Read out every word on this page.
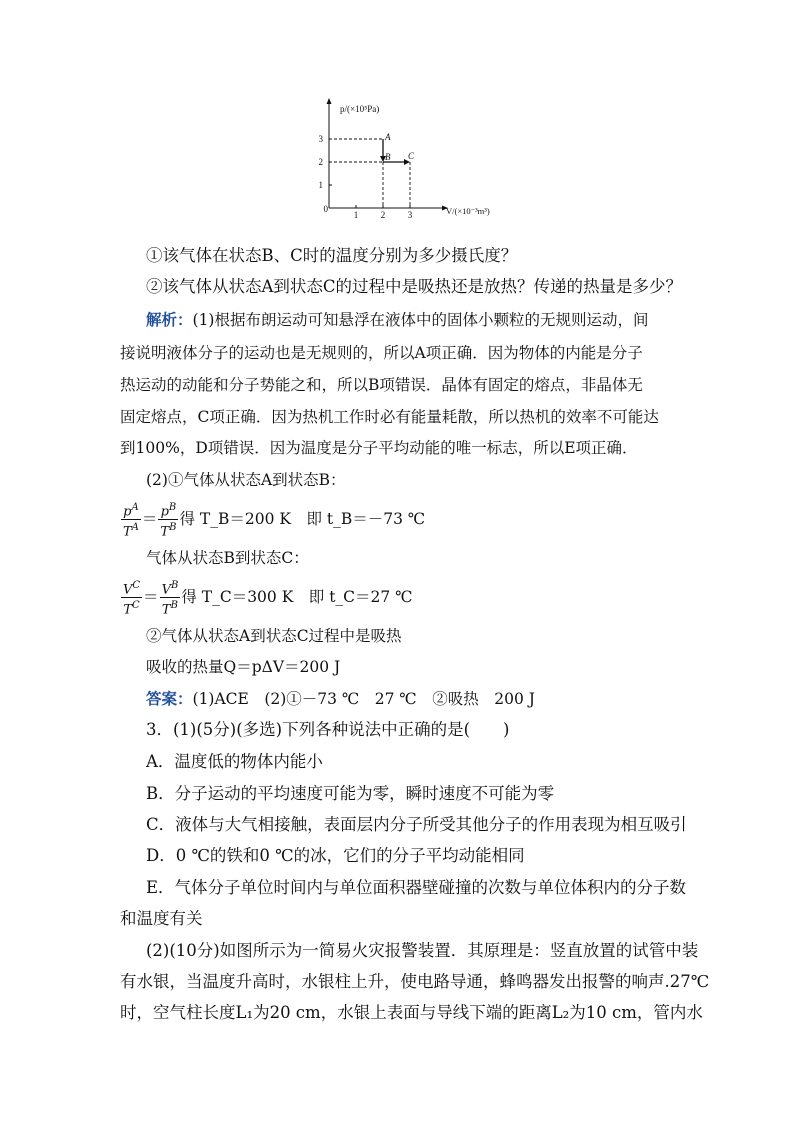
p/(×10⁵Pa)
V/(×10⁻³m³)
0
1	2	3
1
2
3	A
B C
①该气体在状态B、C时的温度分别为多少摄氏度？
②该气体从状态A到状态C的过程中是吸热还是放热？传递的热量是多少？
解析：(1)根据布朗运动可知悬浮在液体中的固体小颗粒的无规则运动，间
接说明液体分子的运动也是无规则的，所以A项正确．因为物体的内能是分子
热运动的动能和分子势能之和，所以B项错误．晶体有固定的熔点，非晶体无
固定熔点，C项正确．因为热机工作时必有能量耗散，所以热机的效率不可能达
到100%，D项错误．因为温度是分子平均动能的唯一标志，所以E项正确．
(2)①气体从状态A到状态B：
$\frac{p^A}{T^A} = \frac{p^B}{T^B}$ 得 T_B＝200 K　即 t_B＝－73 ℃
气体从状态B到状态C：
$\frac{V^C}{T^C} = \frac{V^B}{T^B}$ 得 T_C＝300 K　即 t_C＝27 ℃
②气体从状态A到状态C过程中是吸热
吸收的热量Q＝pΔV＝200 J
答案：(1)ACE　(2)①－73 ℃　27 ℃　②吸热　200 J
3．(1)(5分)(多选)下列各种说法中正确的是(　　)
A．温度低的物体内能小
B．分子运动的平均速度可能为零，瞬时速度不可能为零
C．液体与大气相接触，表面层内分子所受其他分子的作用表现为相互吸引
D．0 ℃的铁和0 ℃的冰，它们的分子平均动能相同
E．气体分子单位时间内与单位面积器壁碰撞的次数与单位体积内的分子数
和温度有关
(2)(10分)如图所示为一简易火灾报警装置．其原理是：竖直放置的试管中装
有水银，当温度升高时，水银柱上升，使电路导通，蜂鸣器发出报警的响声.27℃
时，空气柱长度L₁为20 cm，水银上表面与导线下端的距离L₂为10 cm，管内水
